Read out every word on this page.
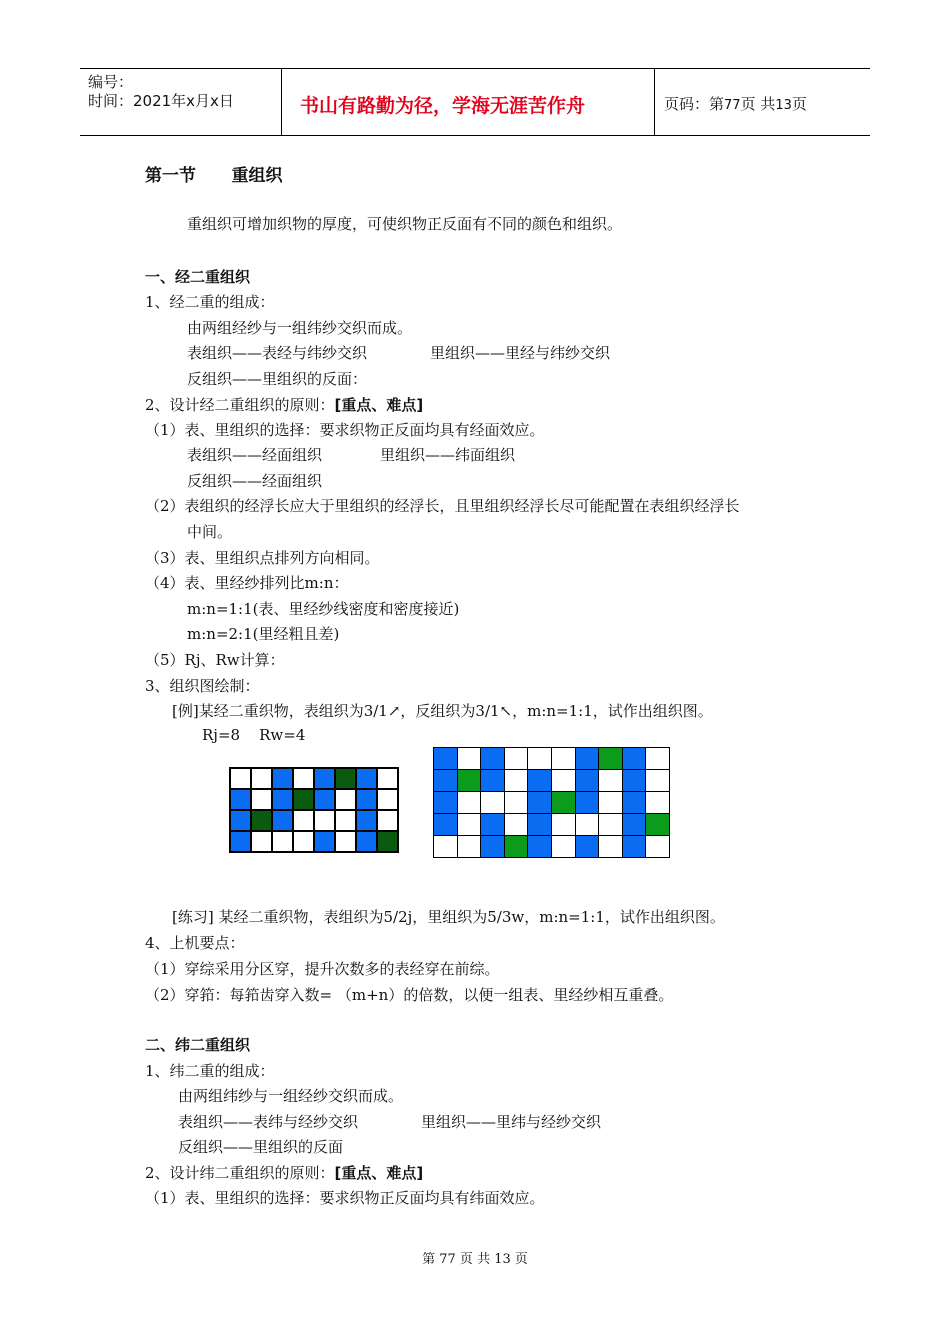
编号：
时间：2021年x月x日	书山有路勤为径，学海无涯苦作舟	页码：第77页 共13页
第一节      重组织
重组织可增加织物的厚度，可使织物正反面有不同的颜色和组织。
一、经二重组织
1、经二重的组成：
由两组经纱与一组纬纱交织而成。
表组织——表经与纬纱交织	里组织——里经与纬纱交织
反组织——里组织的反面：
2、设计经二重组织的原则：[重点、难点]
（1）表、里组织的选择：要求织物正反面均具有经面效应。
表组织——经面组织	里组织——纬面组织
反组织——经面组织
（2）表组织的经浮长应大于里组织的经浮长，且里组织经浮长尽可能配置在表组织经浮长
中间。
（3）表、里组织点排列方向相同。
（4）表、里经纱排列比m:n：
m:n=1:1(表、里经纱线密度和密度接近)
m:n=2:1(里经粗且差)
（5）Rj、Rw计算：
3、组织图绘制：
[例]某经二重织物，表组织为3/1↗，反组织为3/1↖，m:n=1:1，试作出组织图。
Rj=8    Rw=4
[练习] 某经二重织物，表组织为5/2j，里组织为5/3w，m:n=1:1，试作出组织图。
4、上机要点：
（1）穿综采用分区穿，提升次数多的表经穿在前综。
（2）穿筘：每筘齿穿入数= （m+n）的倍数，以便一组表、里经纱相互重叠。
二、纬二重组织
1、纬二重的组成：
由两组纬纱与一组经纱交织而成。
表组织——表纬与经纱交织	里组织——里纬与经纱交织
反组织——里组织的反面
2、设计纬二重组织的原则：[重点、难点]
（1）表、里组织的选择：要求织物正反面均具有纬面效应。
第 77 页 共 13 页
